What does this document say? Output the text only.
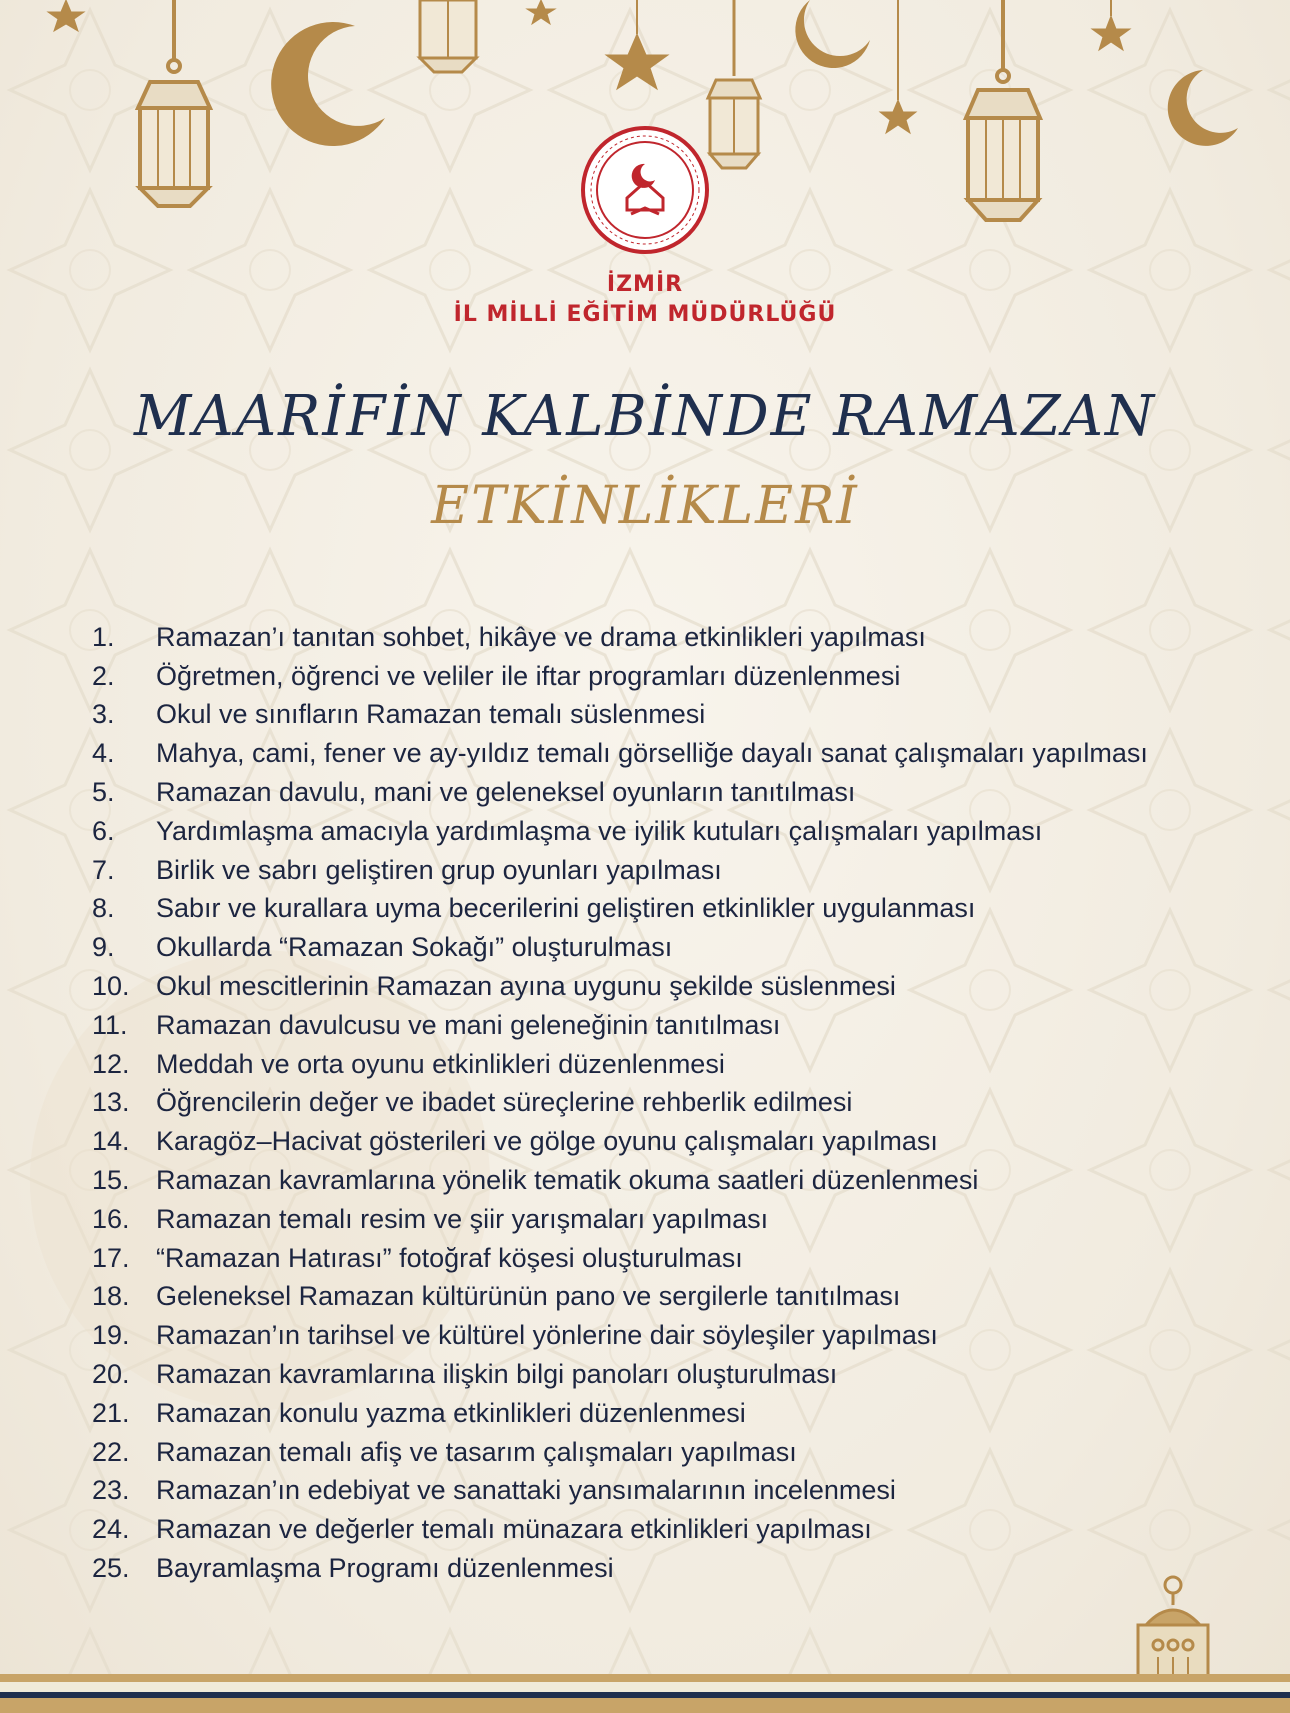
İZMİR
İL MİLLİ EĞİTİM MÜDÜRLÜĞÜ
MAARİFİN KALBİNDE RAMAZAN
ETKİNLİKLERİ
1.	Ramazan’ı tanıtan sohbet, hikâye ve drama etkinlikleri yapılması
2.	Öğretmen, öğrenci ve veliler ile iftar programları düzenlenmesi
3.	Okul ve sınıfların Ramazan temalı süslenmesi
4.	Mahya, cami, fener ve ay-yıldız temalı görselliğe dayalı sanat çalışmaları yapılması
5.	Ramazan davulu, mani ve geleneksel oyunların tanıtılması
6.	Yardımlaşma amacıyla yardımlaşma ve iyilik kutuları çalışmaları yapılması
7.	Birlik ve sabrı geliştiren grup oyunları yapılması
8.	Sabır ve kurallara uyma becerilerini geliştiren etkinlikler uygulanması
9.	Okullarda “Ramazan Sokağı” oluşturulması
10. Okul mescitlerinin Ramazan ayına uygunu şekilde süslenmesi
11.	Ramazan davulcusu ve mani geleneğinin tanıtılması
12. Meddah ve orta oyunu etkinlikleri düzenlenmesi
13. Öğrencilerin değer ve ibadet süreçlerine rehberlik edilmesi
14. Karagöz–Hacivat gösterileri ve gölge oyunu çalışmaları yapılması
15. Ramazan kavramlarına yönelik tematik okuma saatleri düzenlenmesi
16. Ramazan temalı resim ve şiir yarışmaları yapılması
17. “Ramazan Hatırası” fotoğraf köşesi oluşturulması
18. Geleneksel Ramazan kültürünün pano ve sergilerle tanıtılması
19. Ramazan’ın tarihsel ve kültürel yönlerine dair söyleşiler yapılması
20. Ramazan kavramlarına ilişkin bilgi panoları oluşturulması
21. Ramazan konulu yazma etkinlikleri düzenlenmesi
22. Ramazan temalı afiş ve tasarım çalışmaları yapılması
23. Ramazan’ın edebiyat ve sanattaki yansımalarının incelenmesi
24. Ramazan ve değerler temalı münazara etkinlikleri yapılması
25. Bayramlaşma Programı düzenlenmesi
